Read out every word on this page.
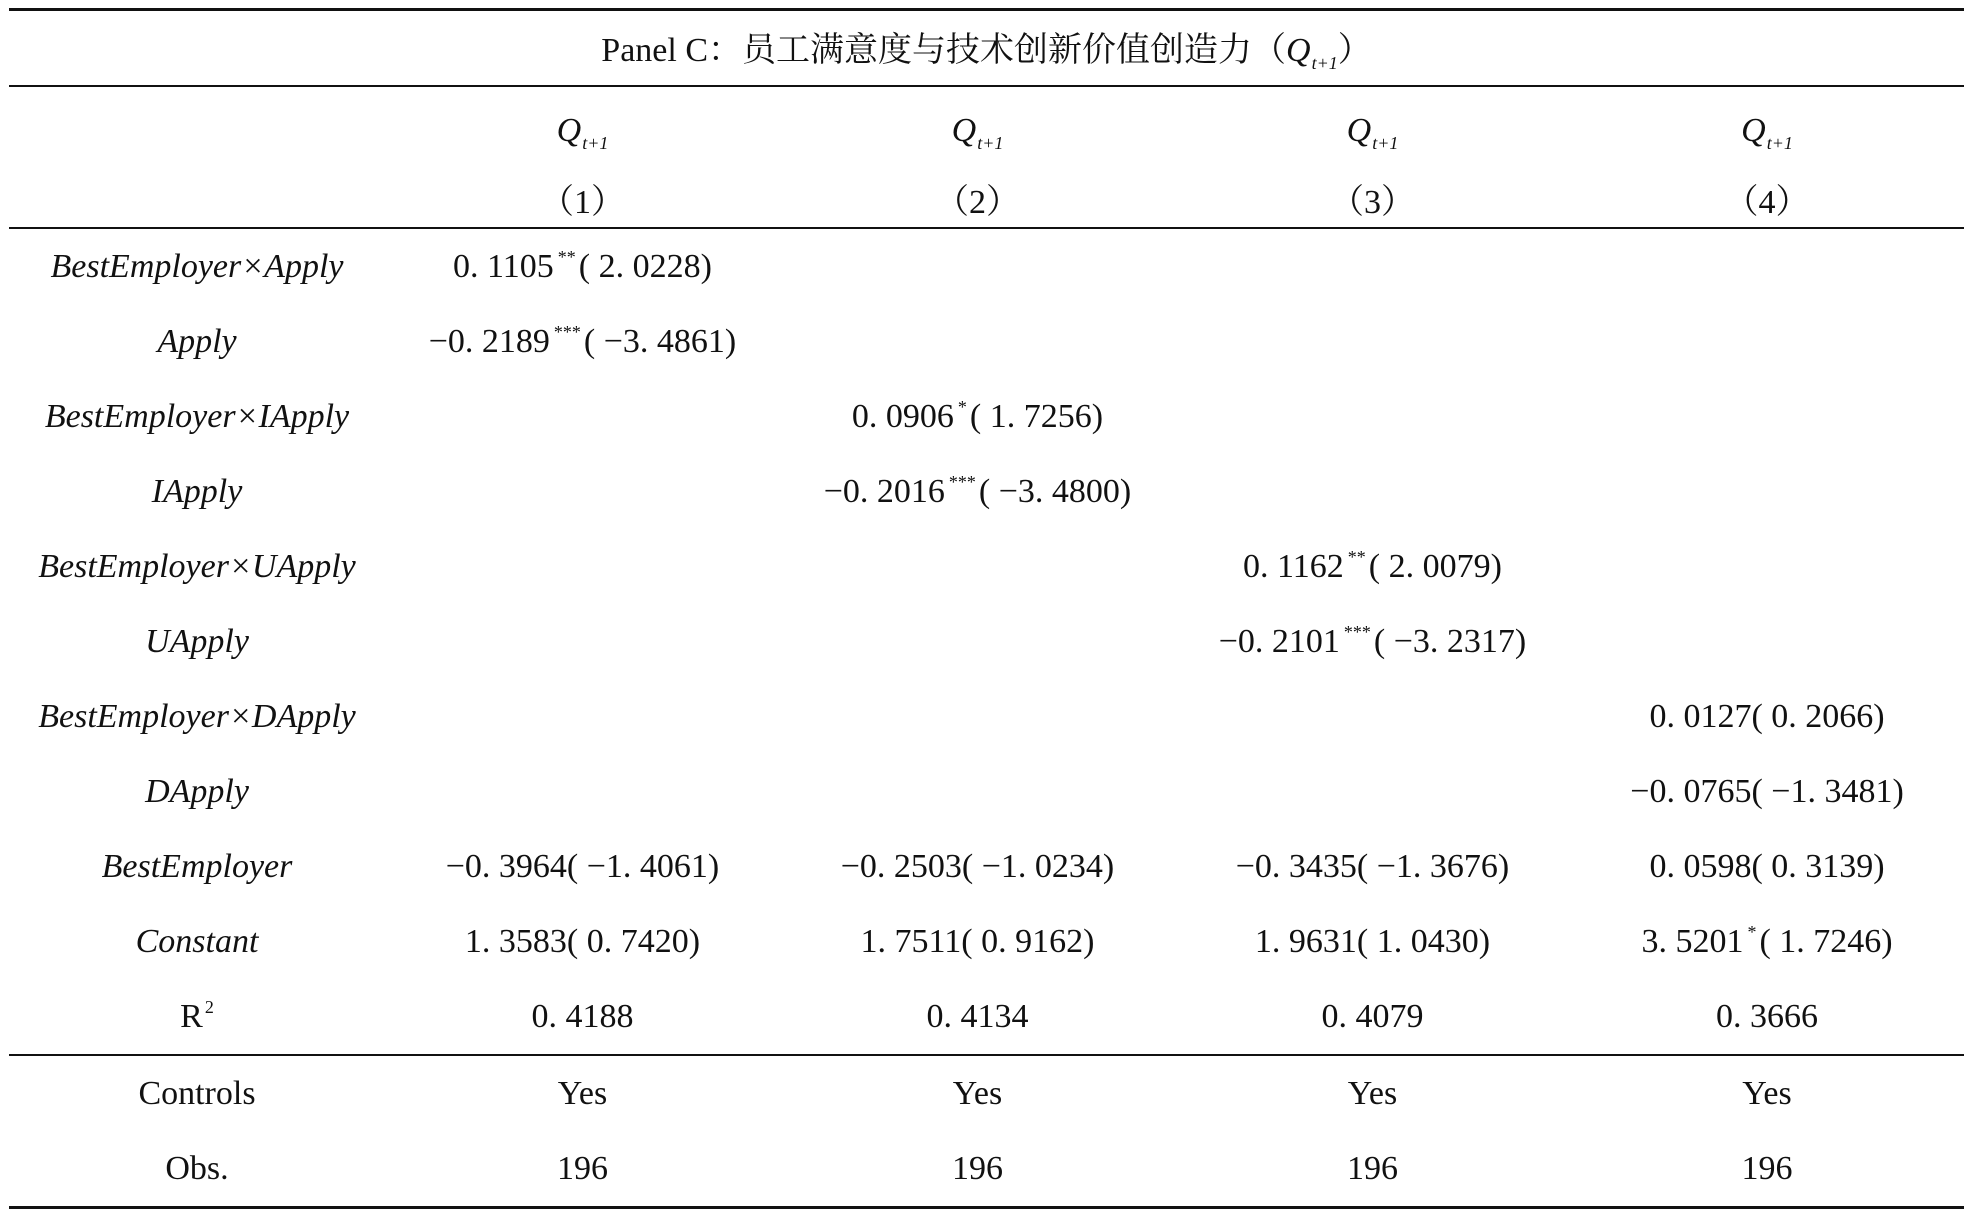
Panel C：员工满意度与技术创新价值创造力$(Q_{t+1})$				
	$Q_{t+1}$	$Q_{t+1}$	$Q_{t+1}$	$Q_{t+1}$
	（1）	（2）	（3）	（4）
BestEmployer×Apply	0. 1105 **( 2. 0228)			
Apply	−0. 2189 ***( −3. 4861)			
BestEmployer×IApply		0. 0906 *( 1. 7256)		
IApply		−0. 2016 ***( −3. 4800)		
BestEmployer×UApply			0. 1162 **( 2. 0079)	
UApply			−0. 2101 ***( −3. 2317)	
BestEmployer×DApply				0. 0127( 0. 2066)
DApply				−0. 0765( −1. 3481)
BestEmployer	−0. 3964( −1. 4061)	−0. 2503( −1. 0234)	−0. 3435( −1. 3676)	0. 0598( 0. 3139)
Constant	1. 3583( 0. 7420)	1. 7511( 0. 9162)	1. 9631( 1. 0430)	3. 5201 *( 1. 7246)
R $^2$	0. 4188	0. 4134	0. 4079	0. 3666
Controls	Yes	Yes	Yes	Yes
Obs.	196	196	196	196
